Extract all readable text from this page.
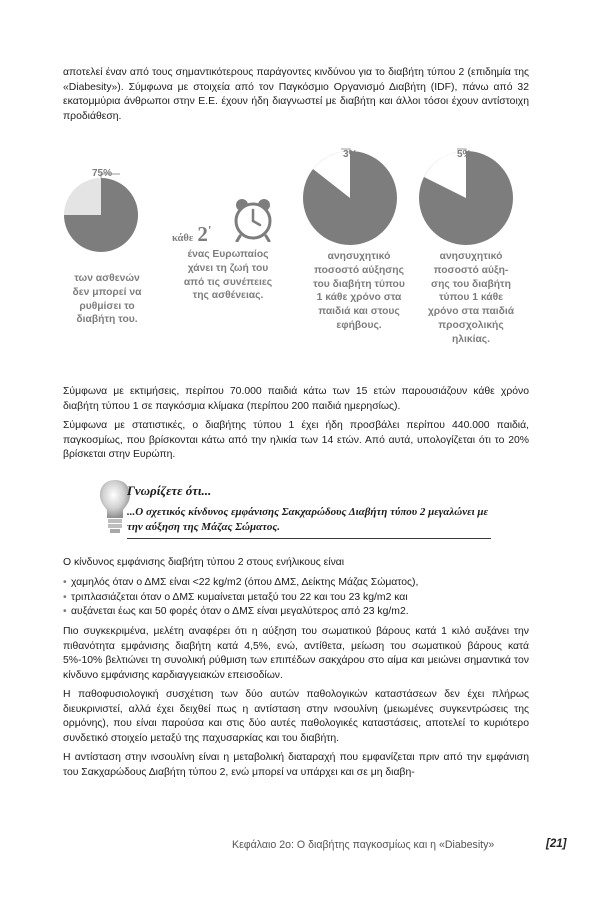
αποτελεί έναν από τους σημαντικότερους παράγοντες κινδύνου για το διαβήτη τύπου 2 (επιδημία της «Diabesity»). Σύμφωνα με στοιχεία από τον Παγκόσμιο Οργανισμό Διαβήτη (IDF), πάνω από 32 εκατομμύρια άνθρωποι στην Ε.Ε. έχουν ήδη διαγνωστεί με διαβήτη και άλλοι τόσοι έχουν αντίστοιχη προδιάθεση.

75%

των ασθενών
δεν μπορεί να
ρυθμίσει το
διαβήτη του.

κάθε 2'

ένας Ευρωπαίος
χάνει τη ζωή του
από τις συνέπειες
της ασθένειας.

3%

ανησυχητικό
ποσοστό αύξησης
του διαβήτη τύπου
1 κάθε χρόνο στα
παιδιά και στους
εφήβους.

5%

ανησυχητικό
ποσοστό αύξη-
σης του διαβήτη
τύπου 1 κάθε
χρόνο στα παιδιά
προσχολικής
ηλικίας.

Σύμφωνα με εκτιμήσεις, περίπου 70.000 παιδιά κάτω των 15 ετών παρουσιάζουν κάθε χρόνο διαβήτη τύπου 1 σε παγκόσμια κλίμακα (περίπου 200 παιδιά ημερησίως).

Σύμφωνα με στατιστικές, ο διαβήτης τύπου 1 έχει ήδη προσβάλει περίπου 440.000 παιδιά, παγκοσμίως, που βρίσκονται κάτω από την ηλικία των 14 ετών. Από αυτά, υπολογίζεται ότι το 20% βρίσκεται στην Ευρώπη.

Γνωρίζετε ότι...

...Ο σχετικός κίνδυνος εμφάνισης Σακχαρώδους Διαβήτη τύπου 2 μεγαλώνει με την αύξηση της Μάζας Σώματος.

Ο κίνδυνος εμφάνισης διαβήτη τύπου 2 στους ενήλικους είναι

• χαμηλός όταν ο ΔΜΣ είναι <22 kg/m2 (όπου ΔΜΣ, Δείκτης Μάζας Σώματος),
• τριπλασιάζεται όταν ο ΔΜΣ κυμαίνεται μεταξύ του 22 και του 23 kg/m2 και
• αυξάνεται έως και 50 φορές όταν ο ΔΜΣ είναι μεγαλύτερος από 23 kg/m2.

Πιο συγκεκριμένα, μελέτη αναφέρει ότι η αύξηση του σωματικού βάρους κατά 1 κιλό αυξάνει την πιθανότητα εμφάνισης διαβήτη κατά 4,5%, ενώ, αντίθετα, μείωση του σωματικού βάρους κατά 5%-10% βελτιώνει τη συνολική ρύθμιση των επιπέδων σακχάρου στο αίμα και μειώνει σημαντικά τον κίνδυνο εμφάνισης καρδιαγγειακών επεισοδίων.

Η παθοφυσιολογική συσχέτιση των δύο αυτών παθολογικών καταστάσεων δεν έχει πλήρως διευκρινιστεί, αλλά έχει δειχθεί πως η αντίσταση στην ινσουλίνη (μειωμένες συγκεντρώσεις της ορμόνης), που είναι παρούσα και στις δύο αυτές παθολογικές καταστάσεις, αποτελεί το κυριότερο συνδετικό στοιχείο μεταξύ της παχυσαρκίας και του διαβήτη.

Η αντίσταση στην ινσουλίνη είναι η μεταβολική διαταραχή που εμφανίζεται πριν από την εμφάνιση του Σακχαρώδους Διαβήτη τύπου 2, ενώ μπορεί να υπάρχει και σε μη διαβη-

Κεφάλαιο 2ο: Ο διαβήτης παγκοσμίως και η «Diabesity»	[21]
